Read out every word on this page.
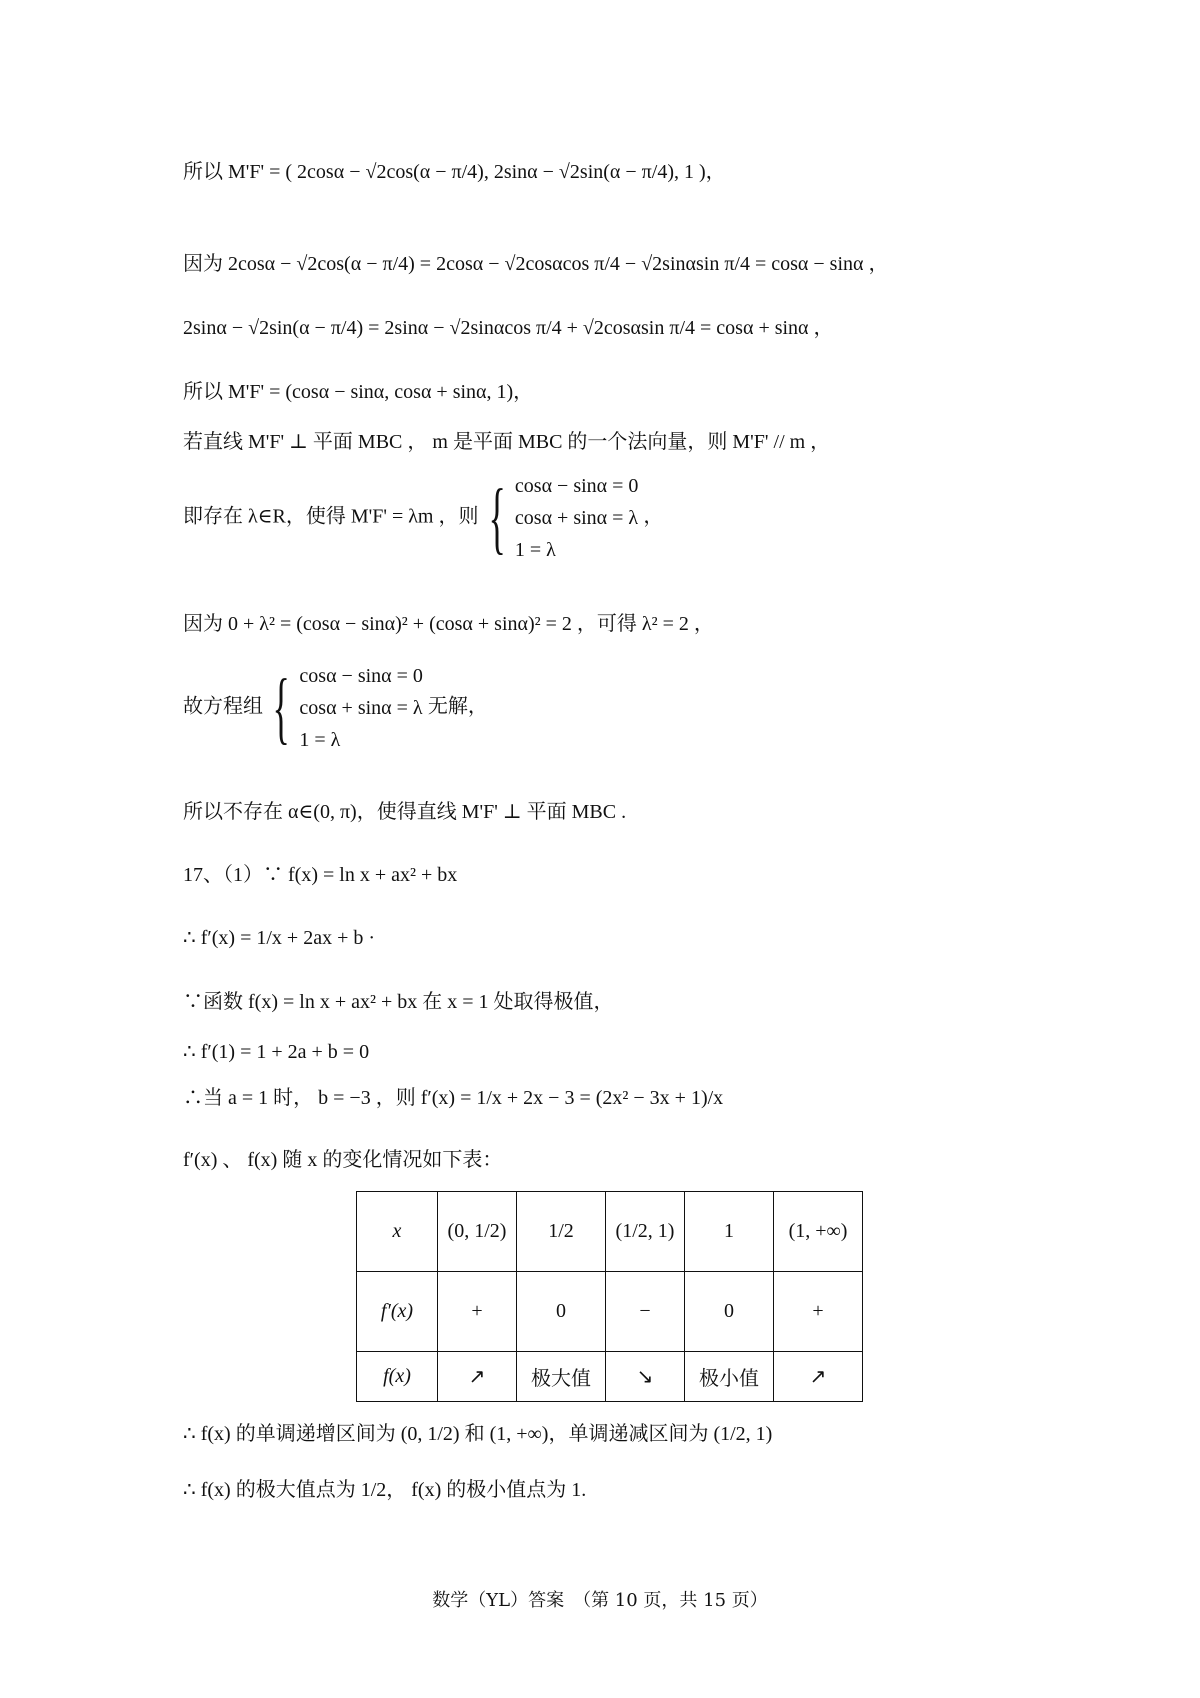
所以 M'F' = ( 2cosα − √2cos(α − π/4), 2sinα − √2sin(α − π/4), 1 )，
因为 2cosα − √2cos(α − π/4) = 2cosα − √2cosαcos π/4 − √2sinαsin π/4 = cosα − sinα ，
2sinα − √2sin(α − π/4) = 2sinα − √2sinαcos π/4 + √2cosαsin π/4 = cosα + sinα ，
所以 M'F' = (cosα − sinα, cosα + sinα, 1)，
若直线 M'F' ⊥ 平面 MBC ， m 是平面 MBC 的一个法向量，则 M'F' // m ，
即存在 λ∈R，使得 M'F' = λm ，则 { cosα − sinα = 0
cosα + sinα = λ
1 = λ
，
因为 0 + λ² = (cosα − sinα)² + (cosα + sinα)² = 2 ，可得 λ² = 2 ，
故方程组 { cosα − sinα = 0
cosα + sinα = λ
1 = λ
无解，
所以不存在 α∈(0, π)，使得直线 M'F' ⊥ 平面 MBC .
17、（1）∵ f(x) = ln x + ax² + bx
∴ f′(x) = 1/x + 2ax + b ·
∵函数 f(x) = ln x + ax² + bx 在 x = 1 处取得极值，
∴ f′(1) = 1 + 2a + b = 0
∴当 a = 1 时， b = −3 ，则 f′(x) = 1/x + 2x − 3 = (2x² − 3x + 1)/x
f′(x) 、 f(x) 随 x 的变化情况如下表：
x	(0, 1/2)	1/2	(1/2, 1)	1	(1, +∞)
f′(x)	+	0	−	0	+
f(x)	↗	极大值	↘	极小值	↗
∴ f(x) 的单调递增区间为 (0, 1/2) 和 (1, +∞)，单调递减区间为 (1/2, 1)
∴ f(x) 的极大值点为 1/2， f(x) 的极小值点为 1.
数学（YL）答案　（第 10 页，共 15 页）
